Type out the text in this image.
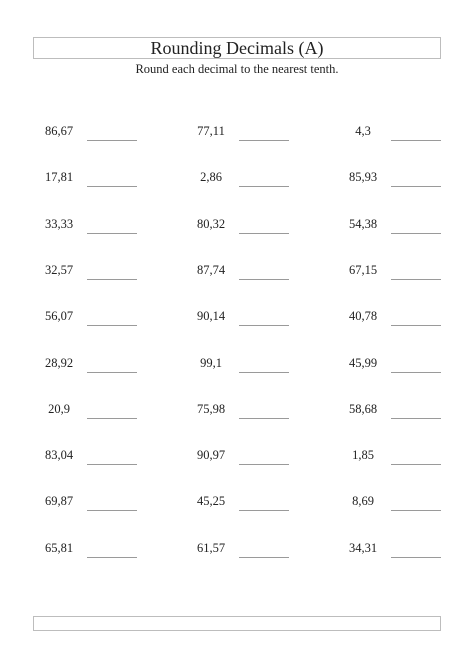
Rounding Decimals (A)
Round each decimal to the nearest tenth.
86,67
17,81
33,33
32,57
56,07
28,92
20,9
83,04
69,87
65,81
77,11
2,86
80,32
87,74
90,14
99,1
75,98
90,97
45,25
61,57
4,3
85,93
54,38
67,15
40,78
45,99
58,68
1,85
8,69
34,31
